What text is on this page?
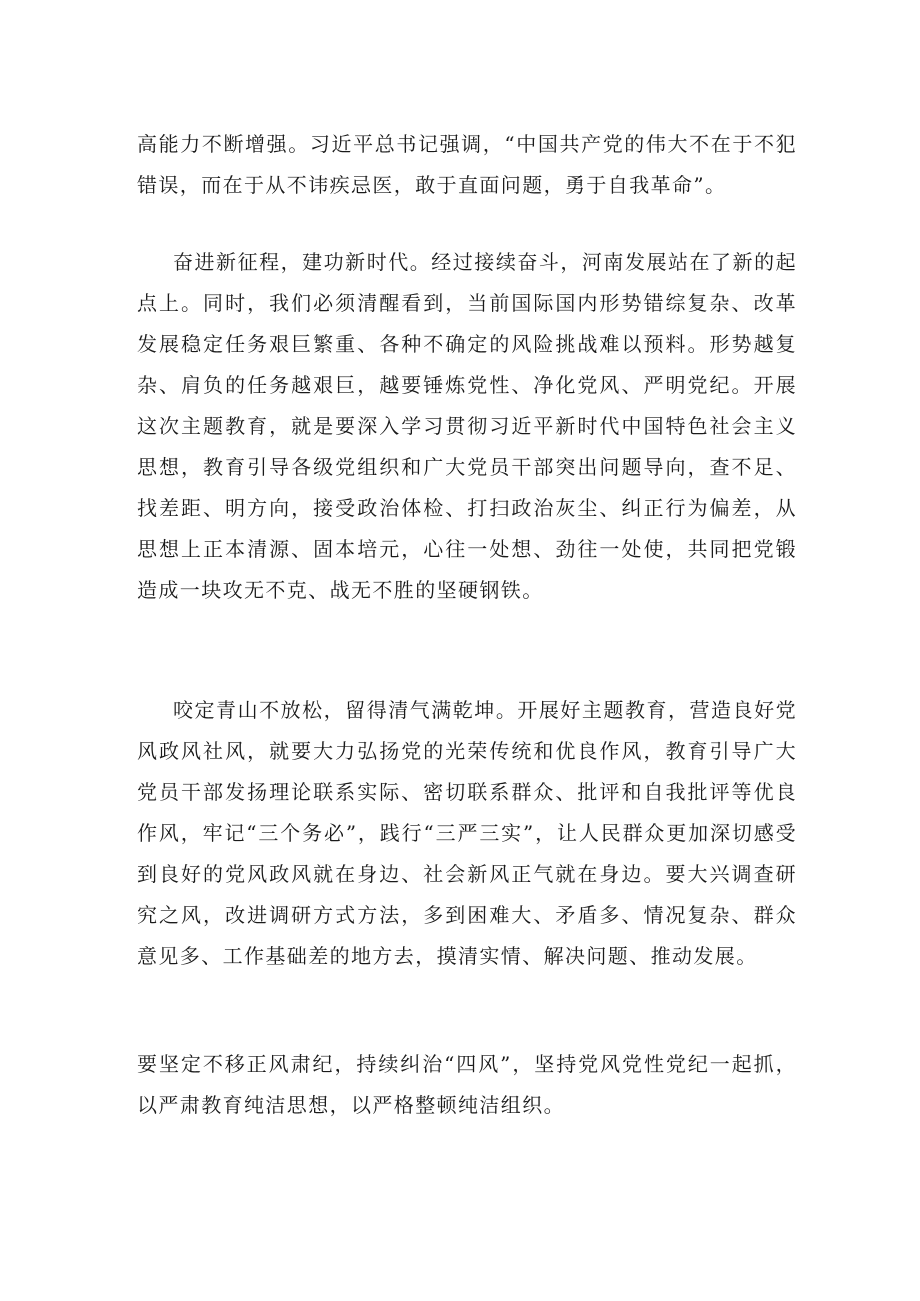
高能力不断增强。习近平总书记强调，“中国共产党的伟大不在于不犯错误，而在于从不讳疾忌医，敢于直面问题，勇于自我革命”。

奋进新征程，建功新时代。经过接续奋斗，河南发展站在了新的起点上。同时，我们必须清醒看到，当前国际国内形势错综复杂、改革发展稳定任务艰巨繁重、各种不确定的风险挑战难以预料。形势越复杂、肩负的任务越艰巨，越要锤炼党性、净化党风、严明党纪。开展这次主题教育，就是要深入学习贯彻习近平新时代中国特色社会主义思想，教育引导各级党组织和广大党员干部突出问题导向，查不足、找差距、明方向，接受政治体检、打扫政治灰尘、纠正行为偏差，从思想上正本清源、固本培元，心往一处想、劲往一处使，共同把党锻造成一块攻无不克、战无不胜的坚硬钢铁。

咬定青山不放松，留得清气满乾坤。开展好主题教育，营造良好党风政风社风，就要大力弘扬党的光荣传统和优良作风，教育引导广大党员干部发扬理论联系实际、密切联系群众、批评和自我批评等优良作风，牢记“三个务必”，践行“三严三实”，让人民群众更加深切感受到良好的党风政风就在身边、社会新风正气就在身边。要大兴调查研究之风，改进调研方式方法，多到困难大、矛盾多、情况复杂、群众意见多、工作基础差的地方去，摸清实情、解决问题、推动发展。

要坚定不移正风肃纪，持续纠治“四风”，坚持党风党性党纪一起抓，以严肃教育纯洁思想，以严格整顿纯洁组织。
